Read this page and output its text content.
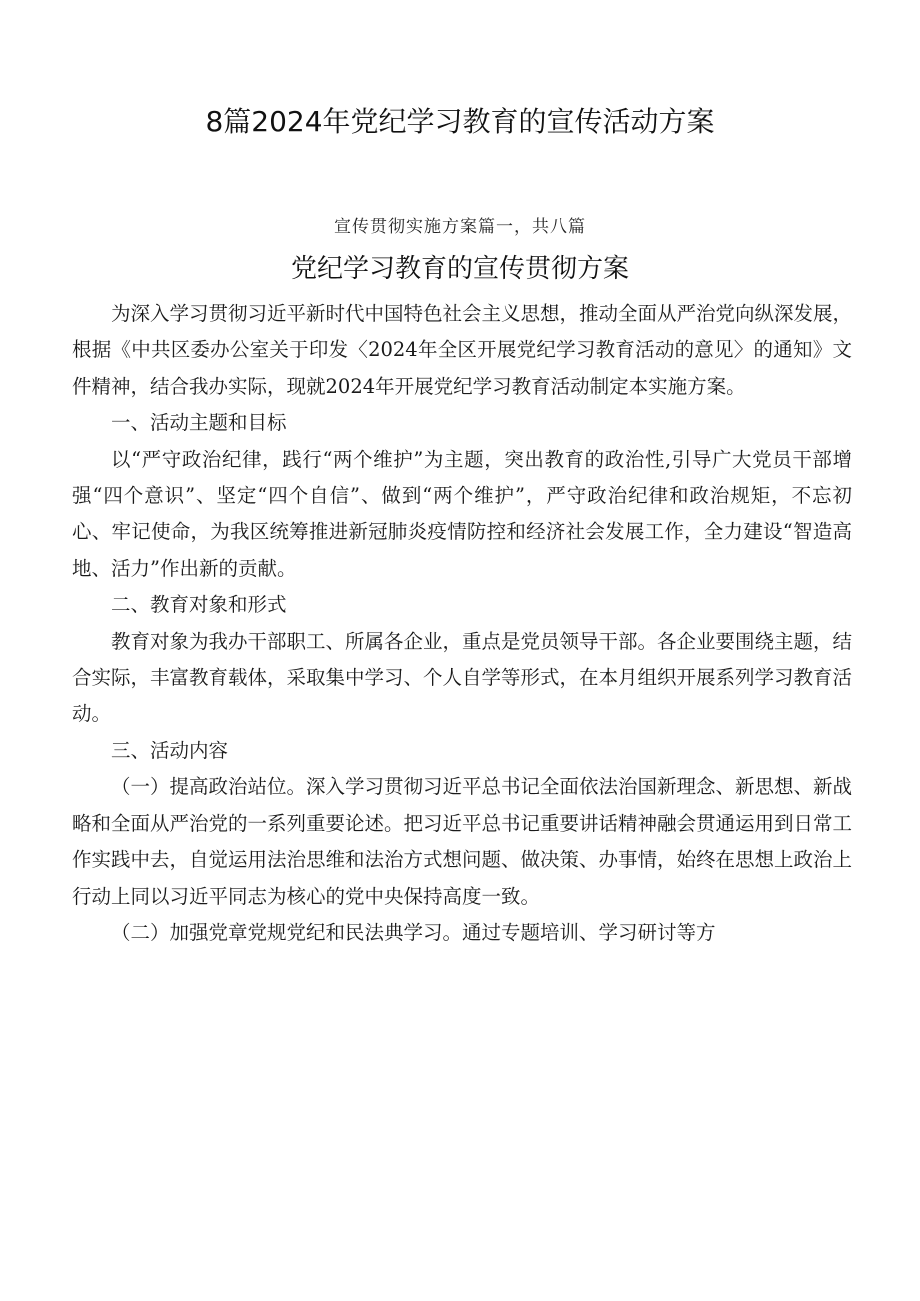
8篇2024年党纪学习教育的宣传活动方案
宣传贯彻实施方案篇一，共八篇
党纪学习教育的宣传贯彻方案

为深入学习贯彻习近平新时代中国特色社会主义思想，推动全面从严治党向纵深发展，根据《中共区委办公室关于印发〈2024年全区开展党纪学习教育活动的意见〉的通知》文件精神，结合我办实际，现就2024年开展党纪学习教育活动制定本实施方案。

一、活动主题和目标

以“严守政治纪律，践行“两个维护”为主题，突出教育的政治性,引导广大党员干部增强“四个意识”、坚定“四个自信”、做到“两个维护”，严守政治纪律和政治规矩，不忘初心、牢记使命，为我区统筹推进新冠肺炎疫情防控和经济社会发展工作，全力建设“智造高地、活力”作出新的贡献。

二、教育对象和形式

教育对象为我办干部职工、所属各企业，重点是党员领导干部。各企业要围绕主题，结合实际，丰富教育载体，采取集中学习、个人自学等形式，在本月组织开展系列学习教育活动。

三、活动内容

（一）提高政治站位。深入学习贯彻习近平总书记全面依法治国新理念、新思想、新战略和全面从严治党的一系列重要论述。把习近平总书记重要讲话精神融会贯通运用到日常工作实践中去，自觉运用法治思维和法治方式想问题、做决策、办事情，始终在思想上政治上行动上同以习近平同志为核心的党中央保持高度一致。

（二）加强党章党规党纪和民法典学习。通过专题培训、学习研讨等方
